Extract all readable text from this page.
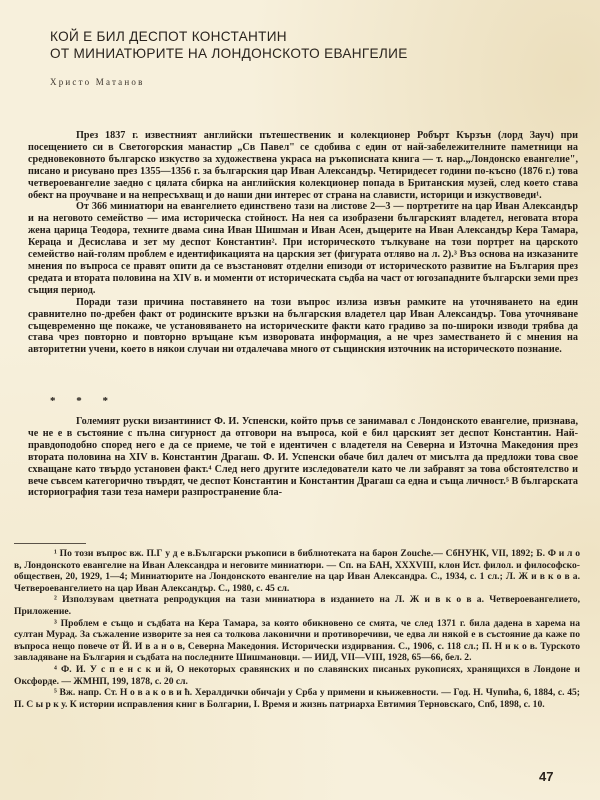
КОЙ Е БИЛ ДЕСПОТ КОНСТАНТИН
ОТ МИНИАТЮРИТЕ НА ЛОНДОНСКОТО ЕВАНГЕЛИЕ
Христо Матанов

През 1837 г. известният английски пътешественик и колекционер Робърт Кързън (лорд Зауч) при посещението си в Светогорския манастир „Св Павел" се сдобива с един от най-забележителните паметници на средновековното българско изкуство за художествена украса на ръкописната книга — т. нар.„Лондонско евангелие", писано и рисувано през 1355—1356 г. за българския цар Иван Александър. Четиридесет години по-късно (1876 г.) това четвероевангелие заедно с цялата сбирка на английския колекционер попада в Британския музей, след което става обект на проучване и на непресъхващ и до наши дни интерес от страна на слависти, историци и изкуствоведи¹.

От 366 миниатюри на евангелието единствено тази на листове 2—3 — портретите на цар Иван Александър и на неговото семейство — има историческа стойност. На нея са изобразени българският владетел, неговата втора жена царица Теодора, техните двама сина Иван Шишман и Иван Асен, дъщерите на Иван Александър Кера Тамара, Кераца и Десислава и зет му деспот Константин². При историческото тълкуване на този портрет на царското семейство най-голям проблем е идентификацията на царския зет (фигурата отляво на л. 2).³ Въз основа на изказаните мнения по въпроса се правят опити да се възстановят отделни епизоди от историческото развитие на България през средата и втората половина на XIV в. и моменти от историческата съдба на част от югозападните български земи през същия период.

Поради тази причина поставянето на този въпрос излиза извън рамките на уточняването на един сравнително по-дребен факт от родинските връзки на българския владетел цар Иван Александър. Това уточняване същевременно ще покаже, че установяването на историческите факти като градиво за по-широки изводи трябва да става чрез повторно и повторно връщане към изворовата информация, а не чрез заместването й с мнения на авторитетни учени, което в някои случаи ни отдалечава много от същинския източник на историческото познание.

* * *

Големият руски византинист Ф. И. Успенски, който пръв се занимавал с Лондонското евангелие, признава, че не е в състояние с пълна сигурност да отговори на въпроса, кой е бил царският зет деспот Константин. Най-правдоподобно според него е да се приеме, че той е идентичен с владетеля на Северна и Източна Македония през втората половина на XIV в. Константин Драгаш. Ф. И. Успенски обаче бил далеч от мисълта да предложи това свое схващане като твърдо установен факт.⁴ След него другите изследователи като че ли забравят за това обстоятелство и вече съвсем категорично твърдят, че деспот Константин и Константин Драгаш са една и съща личност.⁵ В българската историография тази теза намери разпространение бла-

¹ По този въпрос вж. П.Г у д е в.Български ръкописи в библиотеката на барон Zouche.— СбНУНК, VII, 1892; Б. Ф и л о в, Лондонското евангелие на Иван Александра и неговите миниатюри. — Сп. на БАН, XXXVIII, клон Ист. филол. и философско-обществен, 20, 1929, 1—4; Миниатюрите на Лондонското евангелие на цар Иван Александра. С., 1934, с. 1 сл.; Л. Ж и в к о в а. Четвероевангелието на цар Иван Александър. С., 1980, с. 45 сл.

² Използувам цветната репродукция на тази миниатюра в изданието на Л. Ж и в к о в а. Четвероевангелието, Приложение.

³ Проблем е също и съдбата на Кера Тамара, за която обикновено се смята, че след 1371 г. била дадена в харема на султан Мурад. За съжаление изворите за нея са толкова лаконични и противоречиви, че едва ли някой е в състояние да каже по въпроса нещо повече от Й. И в а н о в, Северна Македония. Исторически издирвания. С., 1906, с. 118 сл.; П. Н и к о в. Турското завладяване на България и съдбата на последните Шишмановци. — ИИД, VII—VIII, 1928, 65—66, бел. 2.

⁴ Ф. И. У с п е н с к и й, О некоторых сравянских и по славянских писаных рукописях, хранящихся в Лондоне и Оксфорде. — ЖМНП, 199, 1878, с. 20 сл.

⁵ Вж. напр. Ст. Н о в а к о в и ћ. Хералдички обичаји у Срба у примени и књижевности. — Год. Н. Чупића, 6, 1884, с. 45; П. С ы р к у. К истории исправления книг в Болгарии, I. Время и жизнь патриарха Евтимия Терновскаго, Спб, 1898, с. 10.

47
